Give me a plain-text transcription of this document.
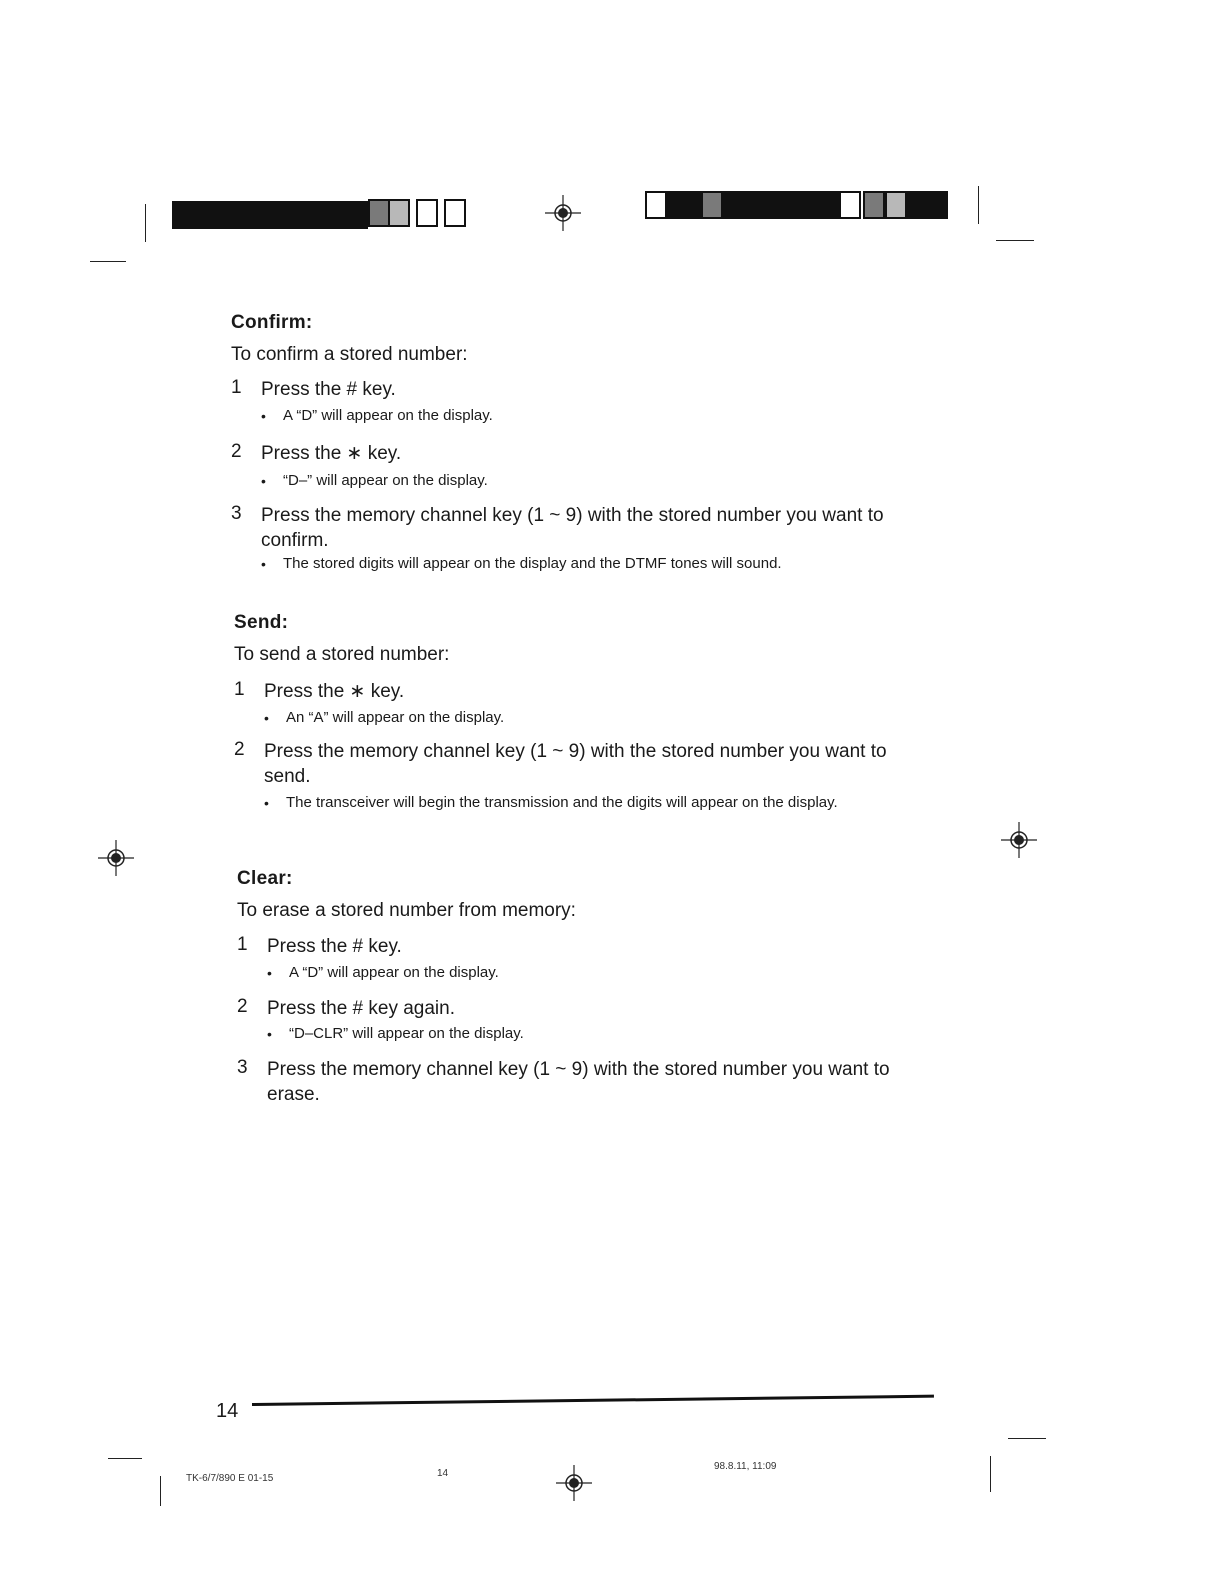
Confirm:
To confirm a stored number:
1	Press the # key.
•	A “D” will appear on the display.
2	Press the ∗ key.
•	“D–” will appear on the display.
3	Press the memory channel key (1 ~ 9) with the stored number you want to confirm.
•	The stored digits will appear on the display and the DTMF tones will sound.
Send:
To send a stored number:
1	Press the ∗ key.
•	An “A” will appear on the display.
2	Press the memory channel key (1 ~ 9) with the stored number you want to send.
•	The transceiver will begin the transmission and the digits will appear on the display.
Clear:
To erase a stored number from memory:
1	Press the # key.
•	A “D” will appear on the display.
2	Press the # key again.
•	“D–CLR” will appear on the display.
3	Press the memory channel key (1 ~ 9) with the stored number you want to erase.
14
TK-6/7/890 E 01-15	14
98.8.11, 11:09
